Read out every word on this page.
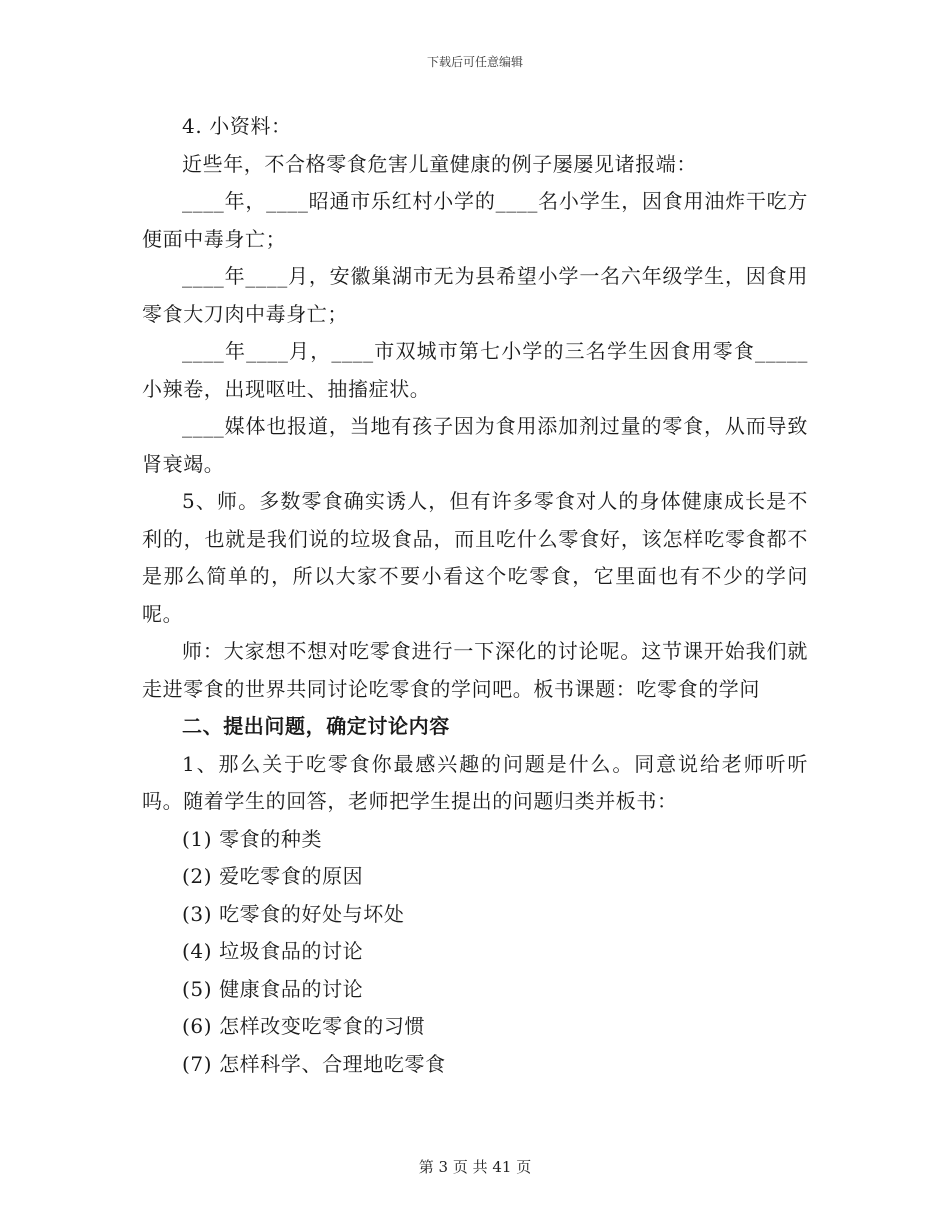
下载后可任意编辑

4. 小资料：

近些年，不合格零食危害儿童健康的例子屡屡见诸报端：

____年，____昭通市乐红村小学的____名小学生，因食用油炸干吃方便面中毒身亡；

____年____月，安徽巢湖市无为县希望小学一名六年级学生，因食用零食大刀肉中毒身亡；

____年____月，____市双城市第七小学的三名学生因食用零食_____小辣卷，出现呕吐、抽搐症状。

____媒体也报道，当地有孩子因为食用添加剂过量的零食，从而导致肾衰竭。

5、师。多数零食确实诱人，但有许多零食对人的身体健康成长是不利的，也就是我们说的垃圾食品，而且吃什么零食好，该怎样吃零食都不是那么简单的，所以大家不要小看这个吃零食，它里面也有不少的学问呢。

师：大家想不想对吃零食进行一下深化的讨论呢。这节课开始我们就走进零食的世界共同讨论吃零食的学问吧。板书课题：吃零食的学问

二、提出问题，确定讨论内容

1、那么关于吃零食你最感兴趣的问题是什么。同意说给老师听听吗。随着学生的回答，老师把学生提出的问题归类并板书：

(1) 零食的种类

(2) 爱吃零食的原因

(3) 吃零食的好处与坏处

(4) 垃圾食品的讨论

(5) 健康食品的讨论

(6) 怎样改变吃零食的习惯

(7) 怎样科学、合理地吃零食

第 3 页 共 41 页
